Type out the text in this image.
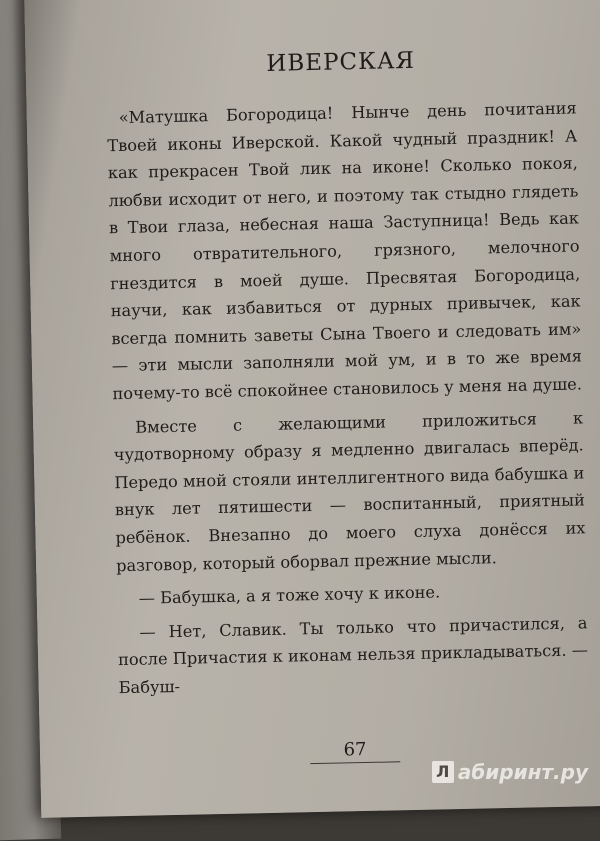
ИВЕРСКАЯ

«Матушка Богородица! Нынче день почитания Твоей иконы Иверской. Какой чудный праздник! А как прекрасен Твой лик на иконе! Сколько покоя, любви исходит от него, и поэтому так стыдно глядеть в Твои глаза, небесная наша Заступница! Ведь как много отвратительного, грязного, мелочного гнездится в моей душе. Пресвятая Богородица, научи, как избавиться от дурных привычек, как всегда помнить заветы Сына Твоего и следовать им» — эти мысли заполняли мой ум, и в то же время почему-то всё спокойнее становилось у меня на душе.

Вместе с желающими приложиться к чудотворному образу я медленно двигалась вперёд. Передо мной стояли интеллигентного вида бабушка и внук лет пятишести — воспитанный, приятный ребёнок. Внезапно до моего слуха донёсся их разговор, который оборвал прежние мысли.

— Бабушка, а я тоже хочу к иконе.

— Нет, Славик. Ты только что причастился, а после Причастия к иконам нельзя прикладываться. — Бабуш-

67
Л абиринт.ру
